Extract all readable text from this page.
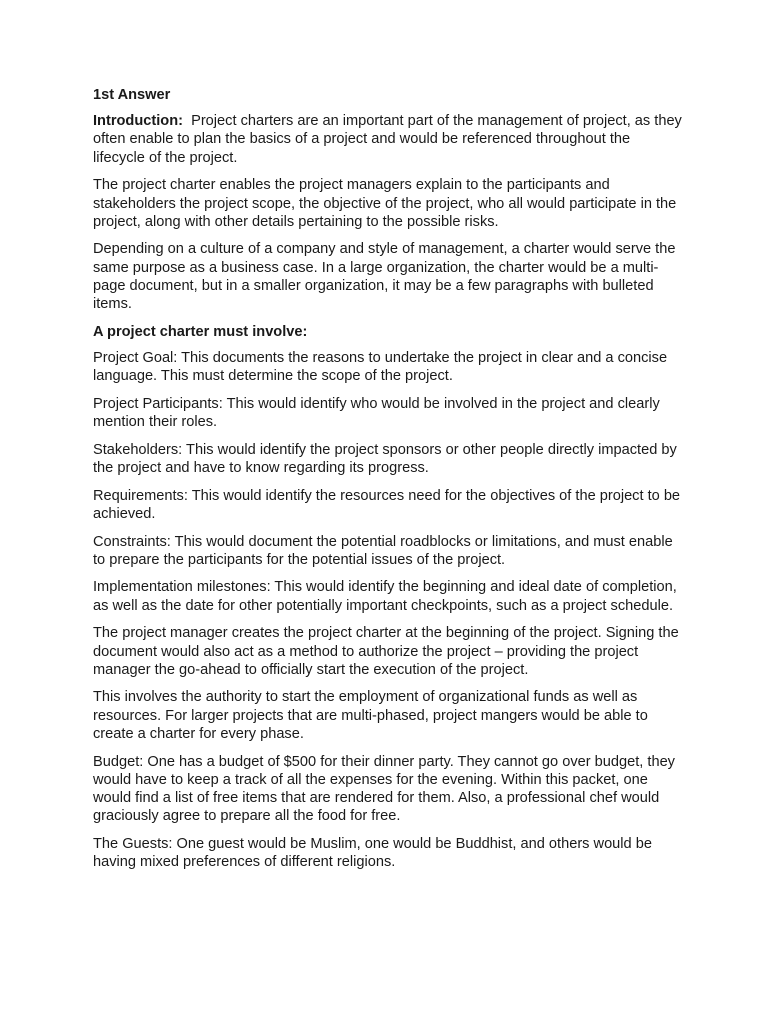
1st Answer

Introduction:  Project charters are an important part of the management of project, as they often enable to plan the basics of a project and would be referenced throughout the lifecycle of the project.

The project charter enables the project managers explain to the participants and stakeholders the project scope, the objective of the project, who all would participate in the project, along with other details pertaining to the possible risks.

Depending on a culture of a company and style of management, a charter would serve the same purpose as a business case. In a large organization, the charter would be a multi-page document, but in a smaller organization, it may be a few paragraphs with bulleted items.

A project charter must involve:

Project Goal: This documents the reasons to undertake the project in clear and a concise language. This must determine the scope of the project.

Project Participants: This would identify who would be involved in the project and clearly mention their roles.

Stakeholders: This would identify the project sponsors or other people directly impacted by the project and have to know regarding its progress.

Requirements: This would identify the resources need for the objectives of the project to be achieved.

Constraints: This would document the potential roadblocks or limitations, and must enable to prepare the participants for the potential issues of the project.

Implementation milestones: This would identify the beginning and ideal date of completion, as well as the date for other potentially important checkpoints, such as a project schedule.

The project manager creates the project charter at the beginning of the project. Signing the document would also act as a method to authorize the project – providing the project manager the go-ahead to officially start the execution of the project.

This involves the authority to start the employment of organizational funds as well as resources. For larger projects that are multi-phased, project mangers would be able to create a charter for every phase.

Budget: One has a budget of $500 for their dinner party. They cannot go over budget, they would have to keep a track of all the expenses for the evening. Within this packet, one would find a list of free items that are rendered for them. Also, a professional chef would graciously agree to prepare all the food for free.

The Guests: One guest would be Muslim, one would be Buddhist, and others would be having mixed preferences of different religions.
